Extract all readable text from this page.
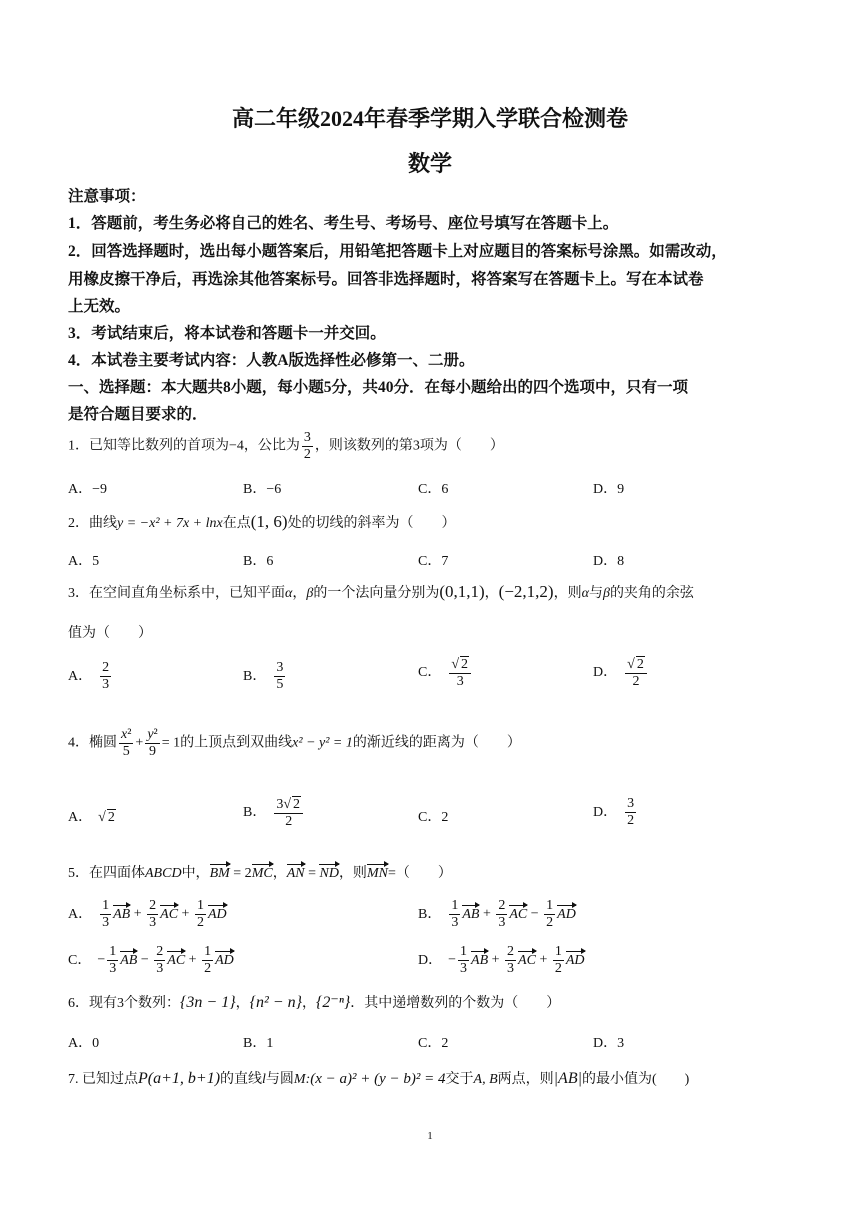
高二年级2024年春季学期入学联合检测卷
数学
注意事项：
1．答题前，考生务必将自己的姓名、考生号、考场号、座位号填写在答题卡上。
2．回答选择题时，选出每小题答案后，用铅笔把答题卡上对应题目的答案标号涂黑。如需改动，
用橡皮擦干净后，再选涂其他答案标号。回答非选择题时，将答案写在答题卡上。写在本试卷
上无效。
3．考试结束后，将本试卷和答题卡一并交回。
4．本试卷主要考试内容：人教A版选择性必修第一、二册。
一、选择题：本大题共8小题，每小题5分，共40分．在每小题给出的四个选项中，只有一项
是符合题目要求的．
1．已知等比数列的首项为−4，公比为 $\frac{3}{2}$ ，则该数列的第3项为（　　）
A．−9	B．−6	C．6	D．9
2．曲线y = −x² + 7x + lnx在点(1, 6)处的切线的斜率为（　　）
A．5	B．6	C．7	D．8
3．在空间直角坐标系中，已知平面α，β的一个法向量分别为(0,1,1)，(−2,1,2)，则α与β的夹角的余弦
值为（　　）
A． $\frac{2}{3}$	B． $\frac{3}{5}$	C． √ $\frac{2}{3}$	D． √ $\frac{2}{2}$
4．椭圆 $\frac{\text{x²}}{5} + \frac{\text{y²}}{9} = 1$的上顶点到双曲线x² − y² = 1的渐近线的距离为（　　）
A． √ 2	B． $\frac{3 √ 2}{2}$	C．2	D． $\frac{3}{2}$
5．在四面体ABCD中，BM = 2MC，AN = ND，则MN=（　　）
A． $\frac{1}{3}$ AB + $\frac{2}{3}$ AC + $\frac{1}{2}$ AD	B． $\frac{1}{3}$ AB + $\frac{2}{3}$ AC − $\frac{1}{2}$ AD
C． − $\frac{1}{3}$ AB − $\frac{2}{3}$ AC + $\frac{1}{2}$ AD	D． − $\frac{1}{3}$ AB + $\frac{2}{3}$ AC + $\frac{1}{2}$ AD
6．现有3个数列：{3n − 1}，{n² − n}，{2⁻ⁿ}．其中递增数列的个数为（　　）
A．0	B．1	C．2	D．3
7. 已知过点P(a+1, b+1)的直线l与圆M:(x − a)² + (y − b)² = 4交于A, B两点，则|AB|的最小值为(　　)
1
